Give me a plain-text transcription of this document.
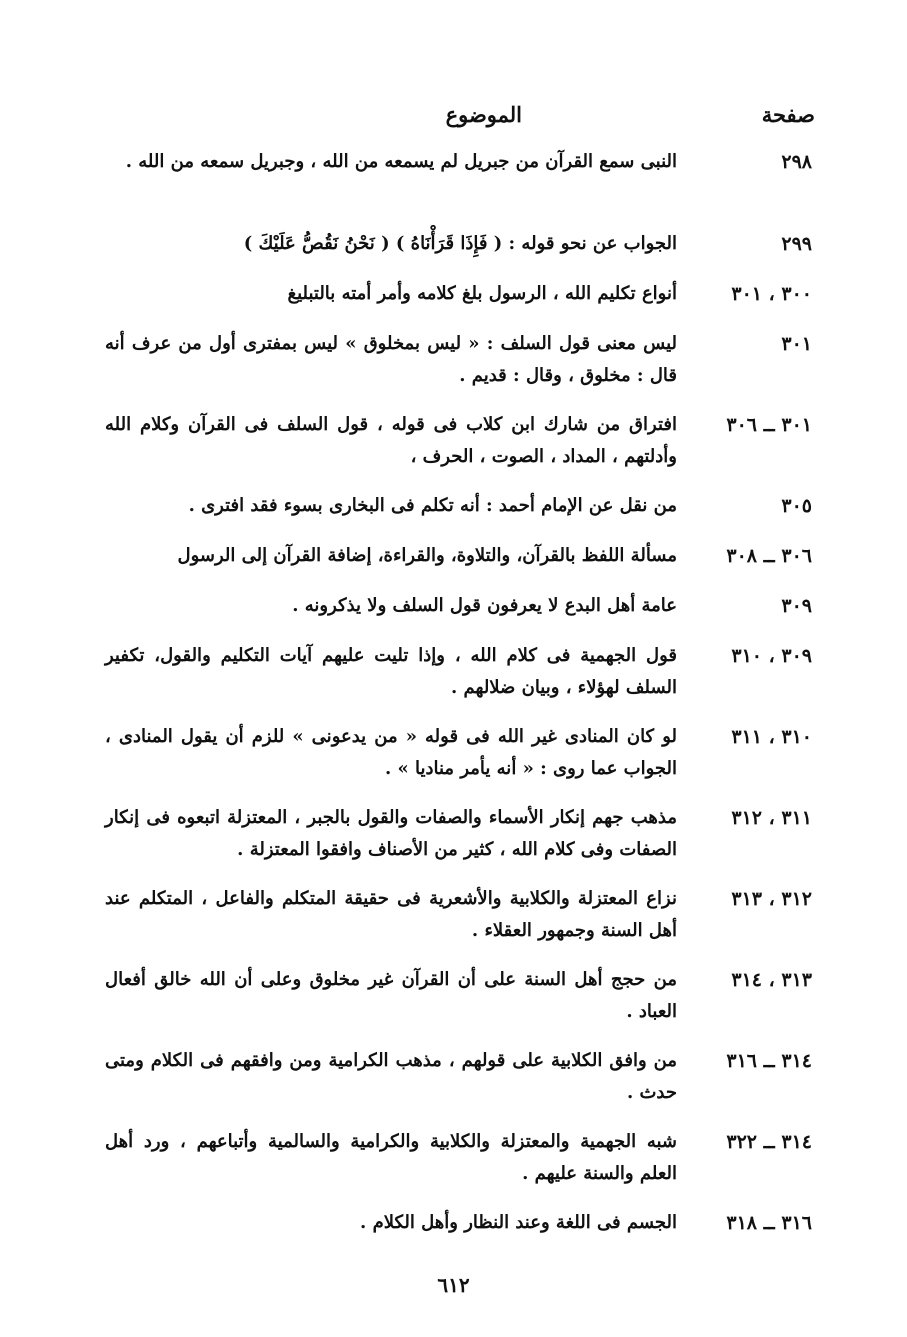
صفحة
الموضوع
٢٩٨
النبى سمع القرآن من جبريل لم يسمعه من الله ، وجبريل سمعه من الله .
٢٩٩
الجواب عن نحو قوله : ( فَإِذَا قَرَأْنَاهُ ) ( نَحْنُ نَقُصُّ عَلَيْكَ )
٣٠٠ ، ٣٠١
أنواع تكليم الله ، الرسول بلغ كلامه وأمر أمته بالتبليغ
٣٠١
ليس معنى قول السلف : « ليس بمخلوق » ليس بمفترى أول من عرف أنه قال : مخلوق ، وقال : قديم .
٣٠١ ــ ٣٠٦
افتراق من شارك ابن كلاب فى قوله ، قول السلف فى القرآن وكلام الله وأدلتهم ، المداد ، الصوت ، الحرف ،
٣٠٥
من نقل عن الإمام أحمد : أنه تكلم فى البخارى بسوء فقد افترى .
٣٠٦ ــ ٣٠٨
مسألة اللفظ بالقرآن، والتلاوة، والقراءة، إضافة القرآن إلى الرسول
٣٠٩
عامة أهل البدع لا يعرفون قول السلف ولا يذكرونه .
٣٠٩ ، ٣١٠
قول الجهمية فى كلام الله ، وإذا تليت عليهم آيات التكليم والقول، تكفير السلف لهؤلاء ، وبيان ضلالهم .
٣١٠ ، ٣١١
لو كان المنادى غير الله فى قوله « من يدعونى » للزم أن يقول المنادى ، الجواب عما روى : « أنه يأمر مناديا » .
٣١١ ، ٣١٢
مذهب جهم إنكار الأسماء والصفات والقول بالجبر ، المعتزلة اتبعوه فى إنكار الصفات وفى كلام الله ، كثير من الأصناف وافقوا المعتزلة .
٣١٢ ، ٣١٣
نزاع المعتزلة والكلابية والأشعرية فى حقيقة المتكلم والفاعل ، المتكلم عند أهل السنة وجمهور العقلاء .
٣١٣ ، ٣١٤
من حجج أهل السنة على أن القرآن غير مخلوق وعلى أن الله خالق أفعال العباد .
٣١٤ ــ ٣١٦
من وافق الكلابية على قولهم ، مذهب الكرامية ومن وافقهم فى الكلام ومتى حدث .
٣١٤ ــ ٣٢٢
شبه الجهمية والمعتزلة والكلابية والكرامية والسالمية وأتباعهم ، ورد أهل العلم والسنة عليهم .
٣١٦ ــ ٣١٨
الجسم فى اللغة وعند النظار وأهل الكلام .
٦١٢
